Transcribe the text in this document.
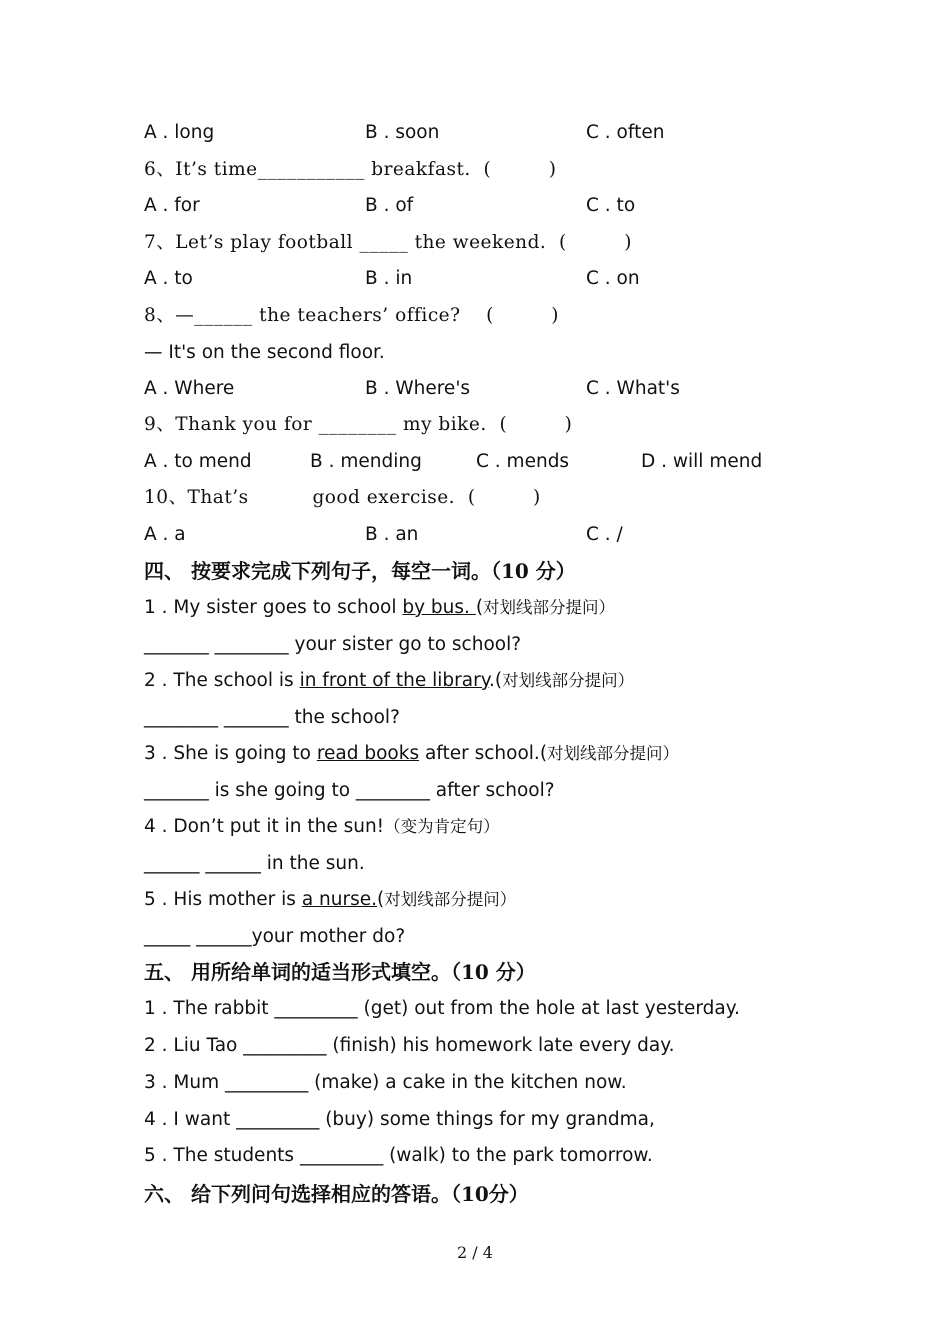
A . long	B . soon	C . often
6、It’s time___________ breakfast.  (         )
A . for	B . of	C . to
7、Let’s play football _____ the weekend.  (         )
A . to	B . in	C . on
8、—______ the teachers’ office?    (         )
— It's on the second floor.
A . Where	B . Where's	C . What's
9、Thank you for ________ my bike.  (         )
A . to mend	B . mending	C . mends	D . will mend
10、That’s          good exercise.  (         )
A . a	B . an	C . /
四、 按要求完成下列句子，每空一词。（10 分）
1 . My sister goes to school by bus. (对划线部分提问）
_______ ________ your sister go to school?
2 . The school is in front of the library.(对划线部分提问）
________ _______ the school?
3 . She is going to read books after school.(对划线部分提问）
_______ is she going to ________ after school?
4 . Don’t put it in the sun!（变为肯定句）
______ ______ in the sun.
5 . His mother is a nurse.(对划线部分提问）
_____ ______your mother do?
五、 用所给单词的适当形式填空。（10 分）
1 . The rabbit _________ (get) out from the hole at last yesterday.
2 . Liu Tao _________ (finish) his homework late every day.
3 . Mum _________ (make) a cake in the kitchen now.
4 . I want _________ (buy) some things for my grandma,
5 . The students _________ (walk) to the park tomorrow.
六、 给下列问句选择相应的答语。（10分）
2 / 4
